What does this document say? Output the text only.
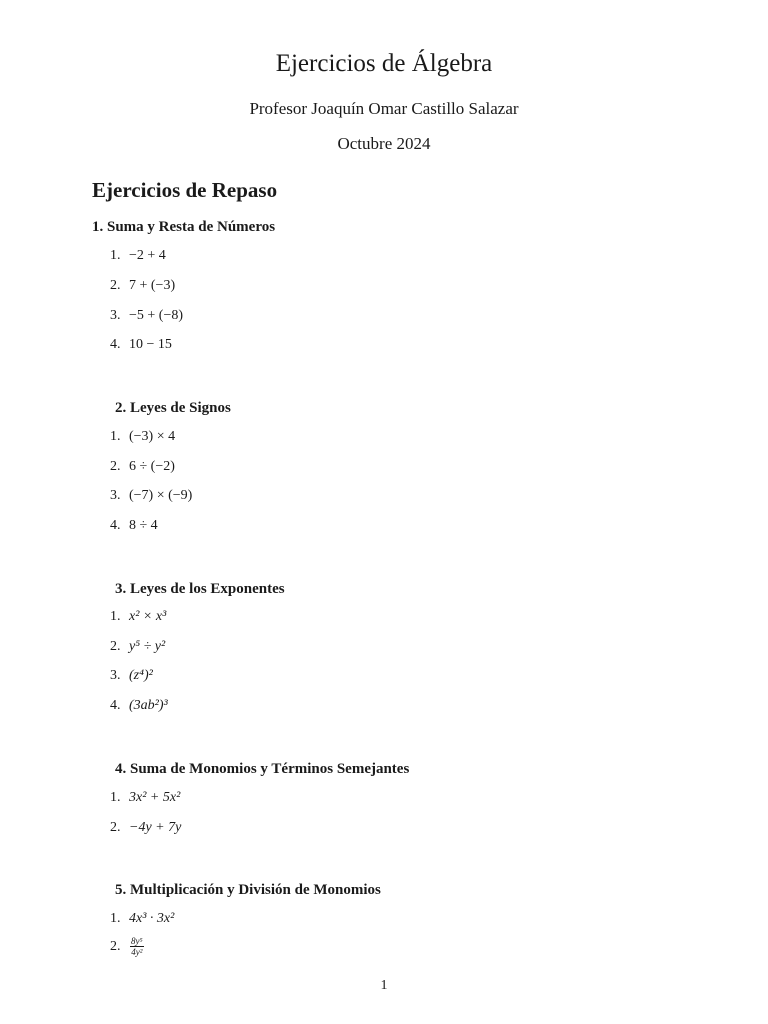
Ejercicios de Álgebra
Profesor Joaquín Omar Castillo Salazar
Octubre 2024
Ejercicios de Repaso
1. Suma y Resta de Números
1. −2 + 4
2. 7 + (−3)
3. −5 + (−8)
4. 10 − 15
2. Leyes de Signos
1. (−3) × 4
2. 6 ÷ (−2)
3. (−7) × (−9)
4. 8 ÷ 4
3. Leyes de los Exponentes
1. x² × x³
2. y⁵ ÷ y²
3. (z⁴)²
4. (3ab²)³
4. Suma de Monomios y Términos Semejantes
1. 3x² + 5x²
2. −4y + 7y
5. Multiplicación y División de Monomios
1. 4x³ · 3x²
2. $\frac{\text{8y⁵}}{\text{4y²}}$
1
